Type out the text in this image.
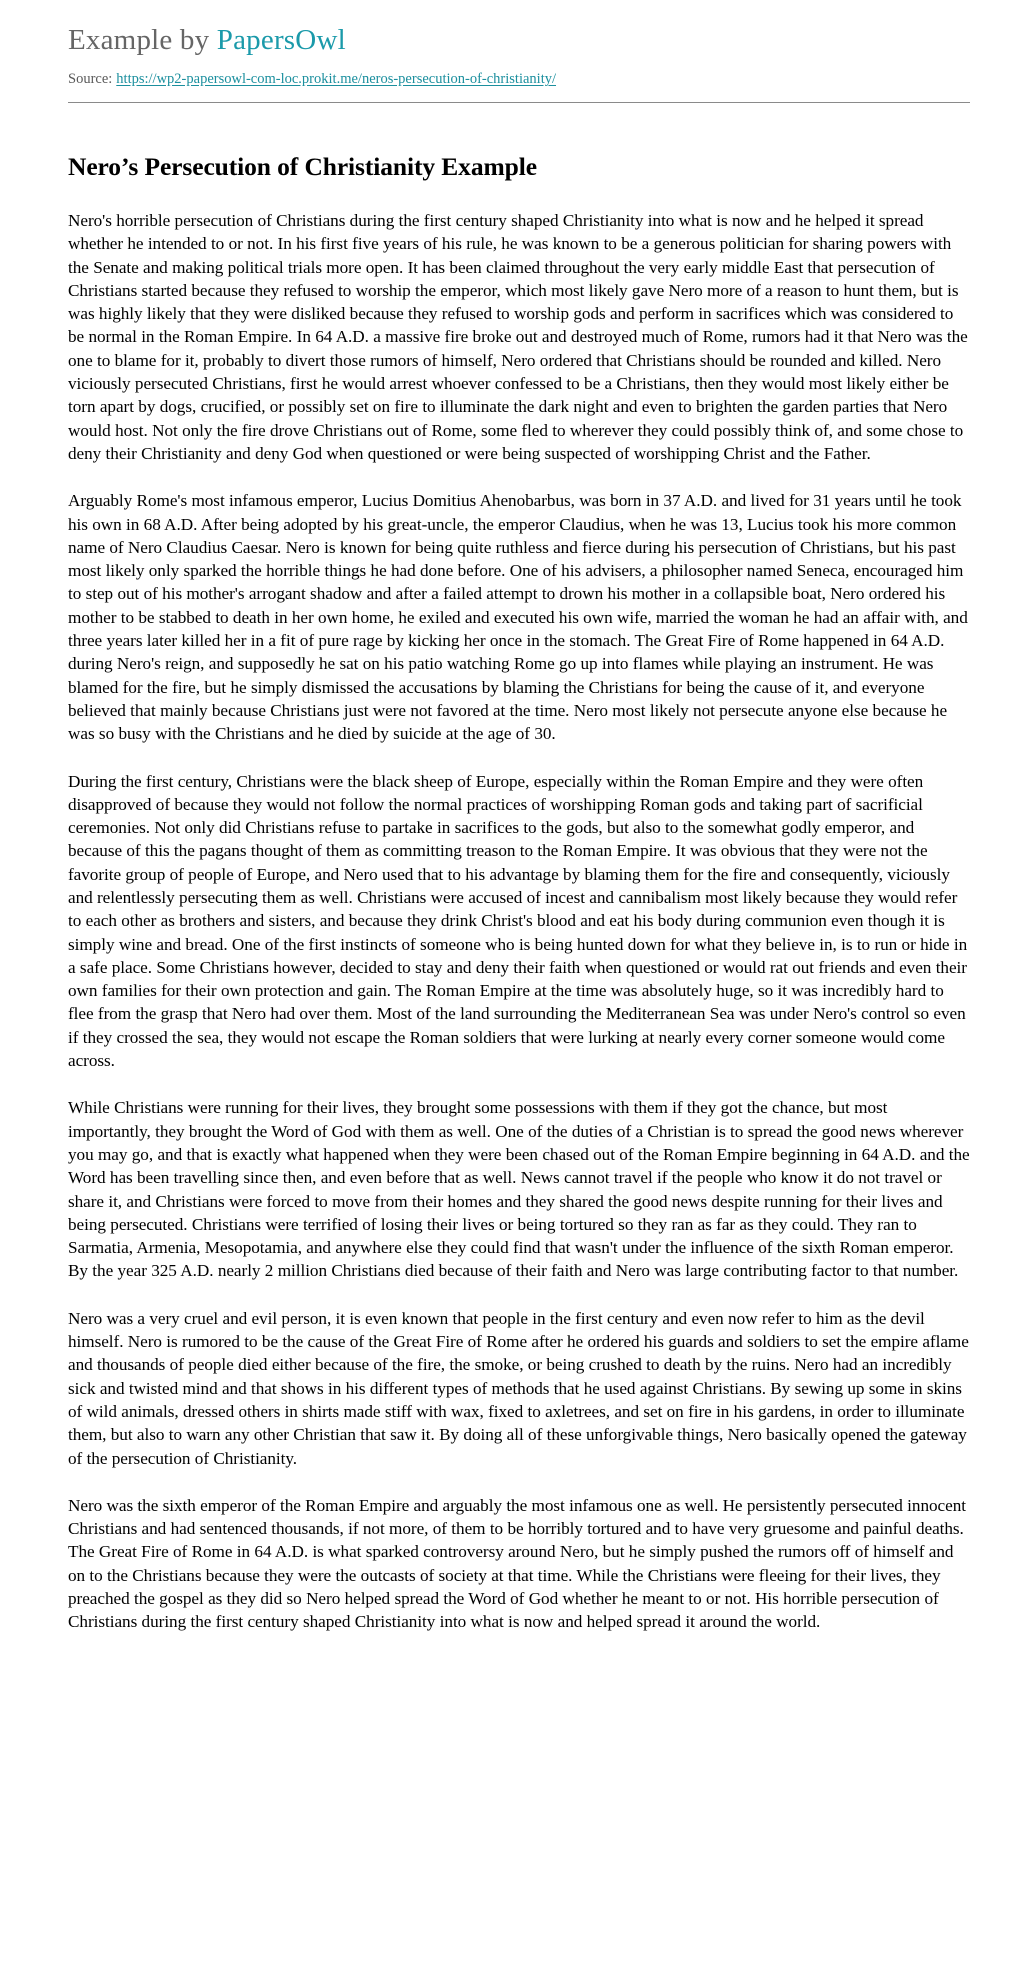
Example by PapersOwl
Source: https://wp2-papersowl-com-loc.prokit.me/neros-persecution-of-christianity/
Nero’s Persecution of Christianity Example

Nero's horrible persecution of Christians during the first century shaped Christianity into what is now and he helped it spread whether he intended to or not. In his first five years of his rule, he was known to be a generous politician for sharing powers with the Senate and making political trials more open. It has been claimed throughout the very early middle East that persecution of Christians started because they refused to worship the emperor, which most likely gave Nero more of a reason to hunt them, but is was highly likely that they were disliked because they refused to worship gods and perform in sacrifices which was considered to be normal in the Roman Empire. In 64 A.D. a massive fire broke out and destroyed much of Rome, rumors had it that Nero was the one to blame for it, probably to divert those rumors of himself, Nero ordered that Christians should be rounded and killed. Nero viciously persecuted Christians, first he would arrest whoever confessed to be a Christians, then they would most likely either be torn apart by dogs, crucified, or possibly set on fire to illuminate the dark night and even to brighten the garden parties that Nero would host. Not only the fire drove Christians out of Rome, some fled to wherever they could possibly think of, and some chose to deny their Christianity and deny God when questioned or were being suspected of worshipping Christ and the Father.

Arguably Rome's most infamous emperor, Lucius Domitius Ahenobarbus, was born in 37 A.D. and lived for 31 years until he took his own in 68 A.D. After being adopted by his great-uncle, the emperor Claudius, when he was 13, Lucius took his more common name of Nero Claudius Caesar. Nero is known for being quite ruthless and fierce during his persecution of Christians, but his past most likely only sparked the horrible things he had done before. One of his advisers, a philosopher named Seneca, encouraged him to step out of his mother's arrogant shadow and after a failed attempt to drown his mother in a collapsible boat, Nero ordered his mother to be stabbed to death in her own home, he exiled and executed his own wife, married the woman he had an affair with, and three years later killed her in a fit of pure rage by kicking her once in the stomach. The Great Fire of Rome happened in 64 A.D. during Nero's reign, and supposedly he sat on his patio watching Rome go up into flames while playing an instrument. He was blamed for the fire, but he simply dismissed the accusations by blaming the Christians for being the cause of it, and everyone believed that mainly because Christians just were not favored at the time. Nero most likely not persecute anyone else because he was so busy with the Christians and he died by suicide at the age of 30.

During the first century, Christians were the black sheep of Europe, especially within the Roman Empire and they were often disapproved of because they would not follow the normal practices of worshipping Roman gods and taking part of sacrificial ceremonies. Not only did Christians refuse to partake in sacrifices to the gods, but also to the somewhat godly emperor, and because of this the pagans thought of them as committing treason to the Roman Empire. It was obvious that they were not the favorite group of people of Europe, and Nero used that to his advantage by blaming them for the fire and consequently, viciously and relentlessly persecuting them as well. Christians were accused of incest and cannibalism most likely because they would refer to each other as brothers and sisters, and because they drink Christ's blood and eat his body during communion even though it is simply wine and bread. One of the first instincts of someone who is being hunted down for what they believe in, is to run or hide in a safe place. Some Christians however, decided to stay and deny their faith when questioned or would rat out friends and even their own families for their own protection and gain. The Roman Empire at the time was absolutely huge, so it was incredibly hard to flee from the grasp that Nero had over them. Most of the land surrounding the Mediterranean Sea was under Nero's control so even if they crossed the sea, they would not escape the Roman soldiers that were lurking at nearly every corner someone would come across.

While Christians were running for their lives, they brought some possessions with them if they got the chance, but most importantly, they brought the Word of God with them as well. One of the duties of a Christian is to spread the good news wherever you may go, and that is exactly what happened when they were been chased out of the Roman Empire beginning in 64 A.D. and the Word has been travelling since then, and even before that as well. News cannot travel if the people who know it do not travel or share it, and Christians were forced to move from their homes and they shared the good news despite running for their lives and being persecuted. Christians were terrified of losing their lives or being tortured so they ran as far as they could. They ran to Sarmatia, Armenia, Mesopotamia, and anywhere else they could find that wasn't under the influence of the sixth Roman emperor. By the year 325 A.D. nearly 2 million Christians died because of their faith and Nero was large contributing factor to that number.

Nero was a very cruel and evil person, it is even known that people in the first century and even now refer to him as the devil himself. Nero is rumored to be the cause of the Great Fire of Rome after he ordered his guards and soldiers to set the empire aflame and thousands of people died either because of the fire, the smoke, or being crushed to death by the ruins. Nero had an incredibly sick and twisted mind and that shows in his different types of methods that he used against Christians. By sewing up some in skins of wild animals, dressed others in shirts made stiff with wax, fixed to axletrees, and set on fire in his gardens, in order to illuminate them, but also to warn any other Christian that saw it. By doing all of these unforgivable things, Nero basically opened the gateway of the persecution of Christianity.

Nero was the sixth emperor of the Roman Empire and arguably the most infamous one as well. He persistently persecuted innocent Christians and had sentenced thousands, if not more, of them to be horribly tortured and to have very gruesome and painful deaths. The Great Fire of Rome in 64 A.D. is what sparked controversy around Nero, but he simply pushed the rumors off of himself and on to the Christians because they were the outcasts of society at that time. While the Christians were fleeing for their lives, they preached the gospel as they did so Nero helped spread the Word of God whether he meant to or not. His horrible persecution of Christians during the first century shaped Christianity into what is now and helped spread it around the world.
